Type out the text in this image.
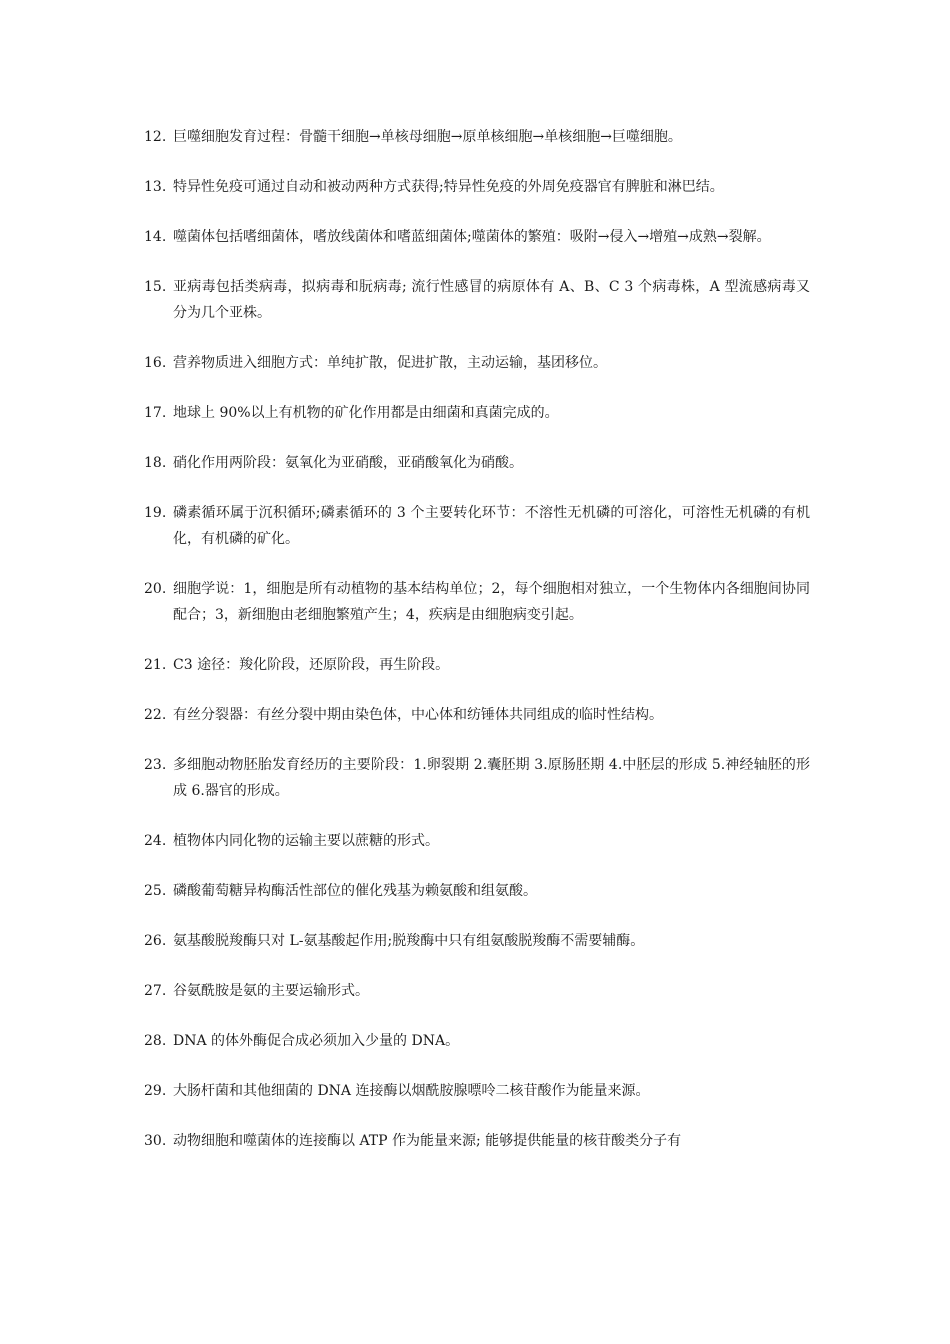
12. 巨噬细胞发育过程：骨髓干细胞→单核母细胞→原单核细胞→单核细胞→巨噬细胞。
13. 特异性免疫可通过自动和被动两种方式获得;特异性免疫的外周免疫器官有脾脏和淋巴结。
14. 噬菌体包括嗜细菌体，嗜放线菌体和嗜蓝细菌体;噬菌体的繁殖：吸附→侵入→增殖→成熟→裂解。
15. 亚病毒包括类病毒，拟病毒和朊病毒; 流行性感冒的病原体有 A、B、C 3 个病毒株，A 型流感病毒又分为几个亚株。
16. 营养物质进入细胞方式：单纯扩散，促进扩散，主动运输，基团移位。
17. 地球上 90%以上有机物的矿化作用都是由细菌和真菌完成的。
18. 硝化作用两阶段：氨氧化为亚硝酸，亚硝酸氧化为硝酸。
19. 磷素循环属于沉积循环;磷素循环的 3 个主要转化环节：不溶性无机磷的可溶化，可溶性无机磷的有机化，有机磷的矿化。
20. 细胞学说：1，细胞是所有动植物的基本结构单位；2，每个细胞相对独立，一个生物体内各细胞间协同配合；3，新细胞由老细胞繁殖产生；4，疾病是由细胞病变引起。
21. C3 途径：羧化阶段，还原阶段，再生阶段。
22. 有丝分裂器：有丝分裂中期由染色体，中心体和纺锤体共同组成的临时性结构。
23. 多细胞动物胚胎发育经历的主要阶段：1.卵裂期 2.囊胚期 3.原肠胚期 4.中胚层的形成 5.神经轴胚的形成 6.器官的形成。
24. 植物体内同化物的运输主要以蔗糖的形式。
25. 磷酸葡萄糖异构酶活性部位的催化残基为赖氨酸和组氨酸。
26. 氨基酸脱羧酶只对 L-氨基酸起作用;脱羧酶中只有组氨酸脱羧酶不需要辅酶。
27. 谷氨酰胺是氨的主要运输形式。
28. DNA 的体外酶促合成必须加入少量的 DNA。
29. 大肠杆菌和其他细菌的 DNA 连接酶以烟酰胺腺嘌呤二核苷酸作为能量来源。
30. 动物细胞和噬菌体的连接酶以 ATP 作为能量来源; 能够提供能量的核苷酸类分子有
